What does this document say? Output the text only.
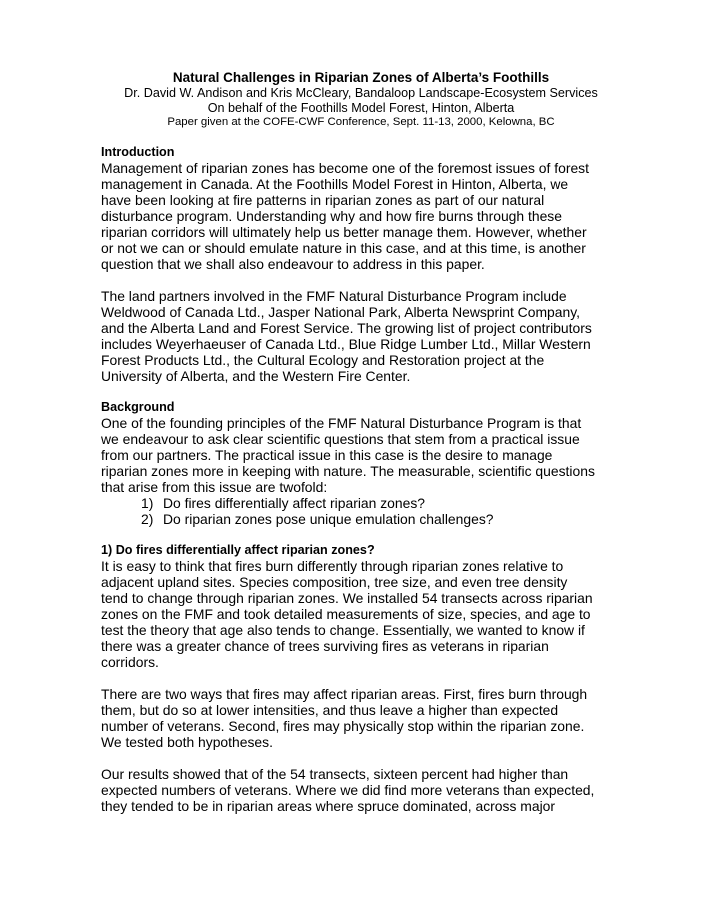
Natural Challenges in Riparian Zones of Alberta’s Foothills
Dr. David W. Andison and Kris McCleary, Bandaloop Landscape-Ecosystem Services
On behalf of the Foothills Model Forest, Hinton, Alberta
Paper given at the COFE-CWF Conference, Sept. 11-13, 2000, Kelowna, BC
Introduction
Management of riparian zones has become one of the foremost issues of forest
management in Canada. At the Foothills Model Forest in Hinton, Alberta, we
have been looking at fire patterns in riparian zones as part of our natural
disturbance program. Understanding why and how fire burns through these
riparian corridors will ultimately help us better manage them. However, whether
or not we can or should emulate nature in this case, and at this time, is another
question that we shall also endeavour to address in this paper.
The land partners involved in the FMF Natural Disturbance Program include
Weldwood of Canada Ltd., Jasper National Park, Alberta Newsprint Company,
and the Alberta Land and Forest Service. The growing list of project contributors
includes Weyerhaeuser of Canada Ltd., Blue Ridge Lumber Ltd., Millar Western
Forest Products Ltd., the Cultural Ecology and Restoration project at the
University of Alberta, and the Western Fire Center.
Background
One of the founding principles of the FMF Natural Disturbance Program is that
we endeavour to ask clear scientific questions that stem from a practical issue
from our partners. The practical issue in this case is the desire to manage
riparian zones more in keeping with nature. The measurable, scientific questions
that arise from this issue are twofold:
1) Do fires differentially affect riparian zones?
2) Do riparian zones pose unique emulation challenges?
1) Do fires differentially affect riparian zones?
It is easy to think that fires burn differently through riparian zones relative to
adjacent upland sites. Species composition, tree size, and even tree density
tend to change through riparian zones. We installed 54 transects across riparian
zones on the FMF and took detailed measurements of size, species, and age to
test the theory that age also tends to change. Essentially, we wanted to know if
there was a greater chance of trees surviving fires as veterans in riparian
corridors.
There are two ways that fires may affect riparian areas. First, fires burn through
them, but do so at lower intensities, and thus leave a higher than expected
number of veterans. Second, fires may physically stop within the riparian zone.
We tested both hypotheses.
Our results showed that of the 54 transects, sixteen percent had higher than
expected numbers of veterans. Where we did find more veterans than expected,
they tended to be in riparian areas where spruce dominated, across major
